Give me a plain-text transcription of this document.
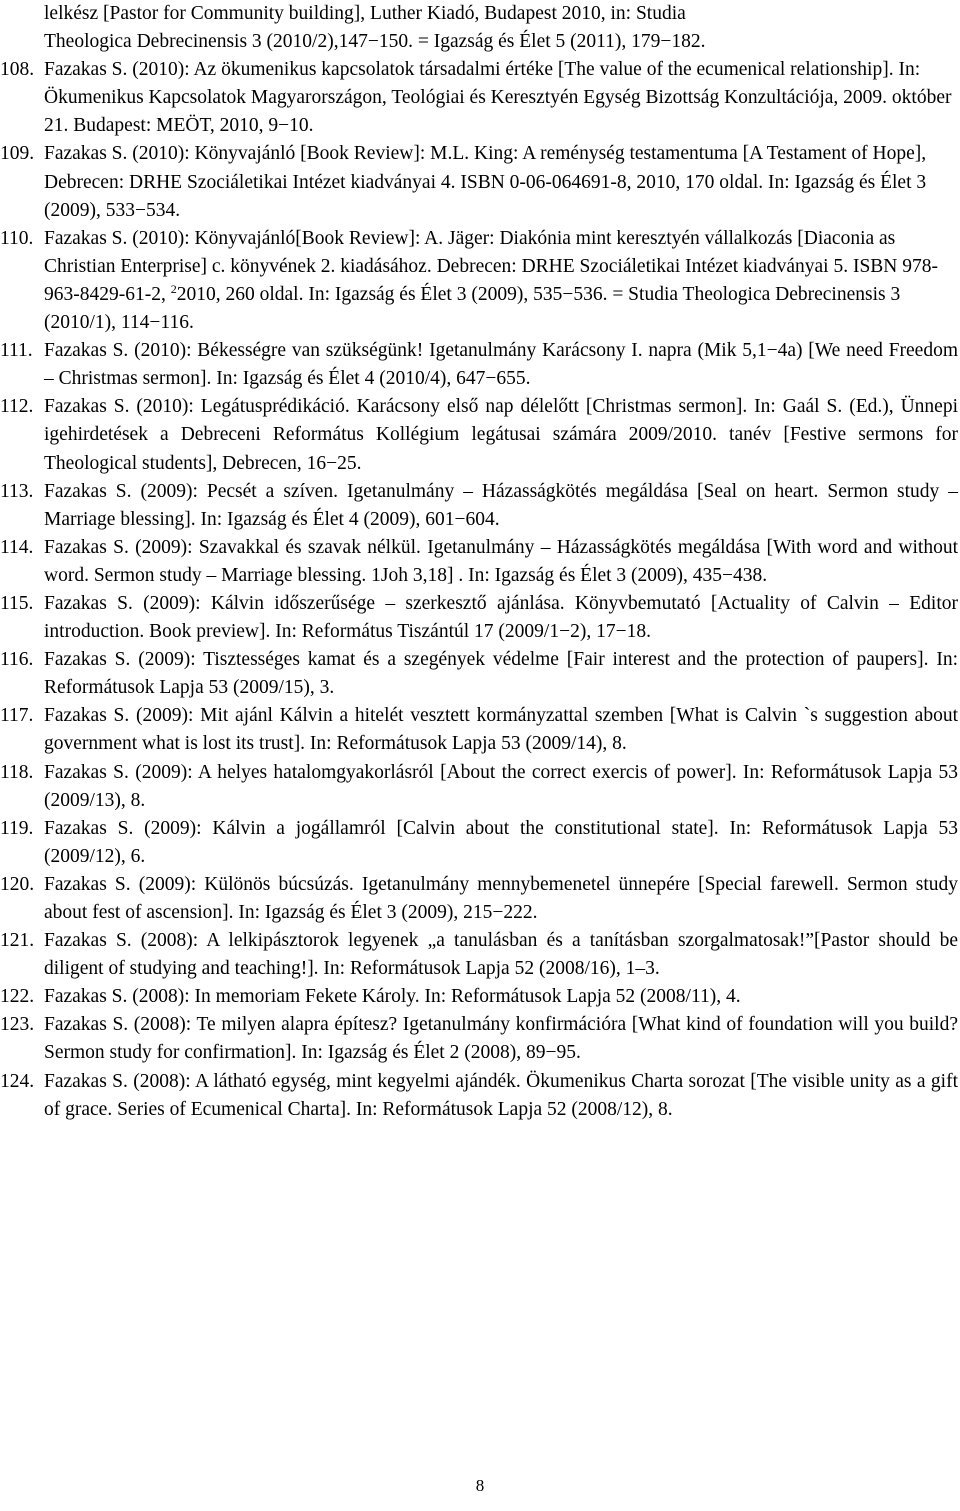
lelkész [Pastor for Community building], Luther Kiadó, Budapest 2010, in: Studia
Theologica Debrecinensis 3 (2010/2),147−150. = Igazság és Élet 5 (2011), 179−182.
108. Fazakas S. (2010): Az ökumenikus kapcsolatok társadalmi értéke [The value of the ecumenical relationship]. In: Ökumenikus Kapcsolatok Magyarországon, Teológiai és Keresztyén Egység Bizottság Konzultációja, 2009. október 21. Budapest: MEÖT, 2010, 9−10.
109. Fazakas S. (2010): Könyvajánló [Book Review]: M.L. King: A reménység testamentuma [A Testament of Hope], Debrecen: DRHE Szociáletikai Intézet kiadványai 4. ISBN 0-06-064691-8, 2010, 170 oldal. In: Igazság és Élet 3 (2009), 533−534.
110. Fazakas S. (2010): Könyvajánló[Book Review]: A. Jäger: Diakónia mint keresztyén vállalkozás [Diaconia as Christian Enterprise] c. könyvének 2. kiadásához. Debrecen: DRHE Szociáletikai Intézet kiadványai 5. ISBN 978-963-8429-61-2, $^2$2010, 260 oldal. In: Igazság és Élet 3 (2009), 535−536. = Studia Theologica Debrecinensis 3 (2010/1), 114−116.
111. Fazakas S. (2010): Békességre van szükségünk! Igetanulmány Karácsony I. napra (Mik 5,1−4a) [We need Freedom – Christmas sermon]. In: Igazság és Élet 4 (2010/4), 647−655.
112. Fazakas S. (2010): Legátusprédikáció. Karácsony első nap délelőtt [Christmas sermon]. In: Gaál S. (Ed.), Ünnepi igehirdetések a Debreceni Református Kollégium legátusai számára 2009/2010. tanév [Festive sermons for Theological students], Debrecen, 16−25.
113. Fazakas S. (2009): Pecsét a szíven. Igetanulmány – Házasságkötés megáldása [Seal on heart. Sermon study – Marriage blessing]. In: Igazság és Élet 4 (2009), 601−604.
114. Fazakas S. (2009): Szavakkal és szavak nélkül. Igetanulmány – Házasságkötés megáldása [With word and without word. Sermon study – Marriage blessing. 1Joh 3,18] . In: Igazság és Élet 3 (2009), 435−438.
115. Fazakas S. (2009): Kálvin időszerűsége – szerkesztő ajánlása. Könyvbemutató [Actuality of Calvin – Editor introduction. Book preview]. In: Református Tiszántúl 17 (2009/1−2), 17−18.
116. Fazakas S. (2009): Tisztességes kamat és a szegények védelme [Fair interest and the protection of paupers]. In: Reformátusok Lapja 53 (2009/15), 3.
117. Fazakas S. (2009): Mit ajánl Kálvin a hitelét vesztett kormányzattal szemben [What is Calvin `s suggestion about government what is lost its trust]. In: Reformátusok Lapja 53 (2009/14), 8.
118. Fazakas S. (2009): A helyes hatalomgyakorlásról [About the correct exercis of power]. In: Reformátusok Lapja 53 (2009/13), 8.
119. Fazakas S. (2009): Kálvin a jogállamról [Calvin about the constitutional state]. In: Reformátusok Lapja 53 (2009/12), 6.
120. Fazakas S. (2009): Különös búcsúzás. Igetanulmány mennybemenetel ünnepére [Special farewell. Sermon study about fest of ascension]. In: Igazság és Élet 3 (2009), 215−222.
121. Fazakas S. (2008): A lelkipásztorok legyenek „a tanulásban és a tanításban szorgalmatosak!”[Pastor should be diligent of studying and teaching!]. In: Reformátusok Lapja 52 (2008/16), 1–3.
122. Fazakas S. (2008): In memoriam Fekete Károly. In: Reformátusok Lapja 52 (2008/11), 4.
123. Fazakas S. (2008): Te milyen alapra építesz? Igetanulmány konfirmációra [What kind of foundation will you build? Sermon study for confirmation]. In: Igazság és Élet 2 (2008), 89−95.
124. Fazakas S. (2008): A látható egység, mint kegyelmi ajándék. Ökumenikus Charta sorozat [The visible unity as a gift of grace. Series of Ecumenical Charta]. In: Reformátusok Lapja 52 (2008/12), 8.
8
